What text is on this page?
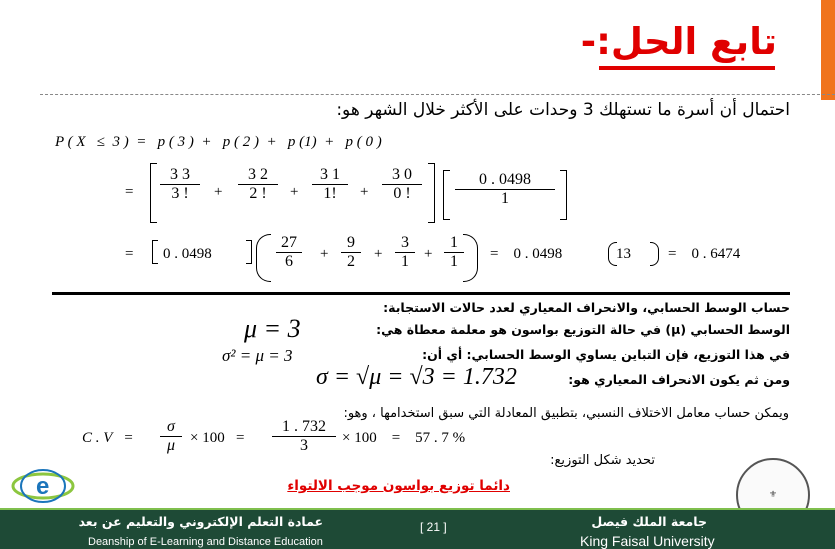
تابع الحل:-
احتمال أن أسرة ما تستهلك 3 وحدات على الأكثر خلال الشهر هو:
P ( X   ≤  3 )  =   p ( 3 )  +   p ( 2 )  +   p (1)  +   p ( 0 )
= $\frac{3 3}{3 !} + \frac{3 2}{2 !} + \frac{3 1}{1!} + \frac{3 0}{0 !} \frac{0 . 0498}{1}$
= 0 . 0498	$\frac{27}{6} + \frac{9}{2} + \frac{3}{1} + \frac{1}{1}$ =    0 . 0498	13 =    0 . 6474
حساب الوسط الحسابي، والانحراف المعياري لعدد حالات الاستجابة:
الوسط الحسابي (μ) في حالة التوزيع بواسون هو معلمة معطاة هي:
μ = 3
في هذا التوزيع، فإن التباين يساوي الوسط الحسابي: أي أن:
σ² = μ = 3
ومن ثم يكون الانحراف المعياري هو:
σ = √μ = √3 = 1.732
ويمكن حساب معامل الاختلاف النسبي، بتطبيق المعادلة التي سبق استخدامها ، وهو:
C . $V = \frac{\sigma}{\mu} \times 100 = \frac{1 . 732}{3} \times 100$    =    57 . 7 %
تحديد شكل التوزيع:
دائما توزيع بواسون موجب الالتواء
⚜
e
عمادة التعلم الإلكتروني والتعليم عن بعد
Deanship of E-Learning and Distance Education
[ 21 ]	جامعة الملك فيصل
King Faisal University
